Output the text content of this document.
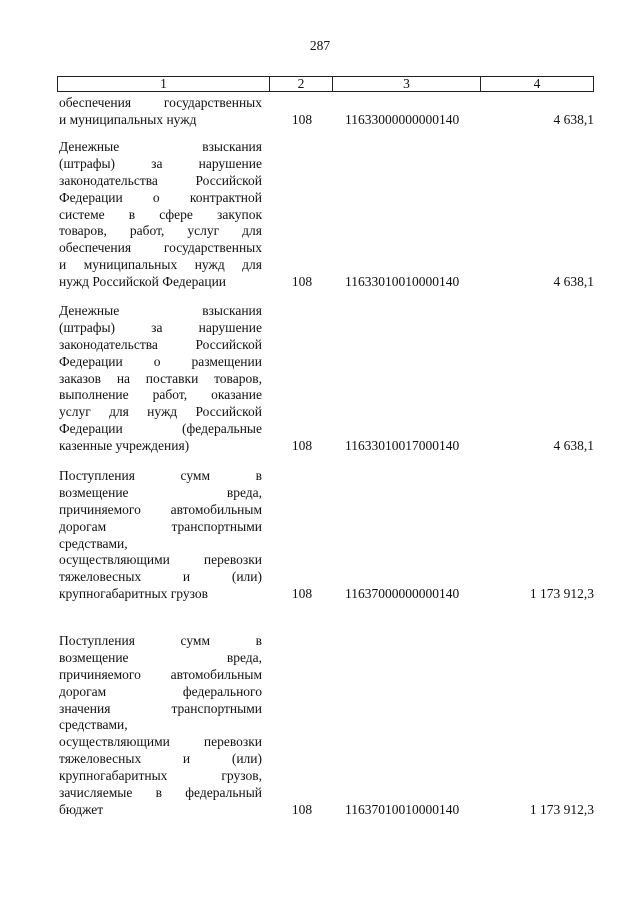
287
1	2	3	4
обеспечения государственных
и муниципальных нужд	108	11633000000000140	4 638,1
Денежные взыскания
(штрафы) за нарушение
законодательства Российской
Федерации о контрактной
системе в сфере закупок
товаров, работ, услуг для
обеспечения государственных
и муниципальных нужд для
нужд Российской Федерации	108	11633010010000140	4 638,1
Денежные взыскания
(штрафы) за нарушение
законодательства Российской
Федерации о размещении
заказов на поставки товаров,
выполнение работ, оказание
услуг для нужд Российской
Федерации (федеральные
казенные учреждения)	108	11633010017000140	4 638,1
Поступления сумм в
возмещение вреда,
причиняемого автомобильным
дорогам транспортными
средствами,
осуществляющими перевозки
тяжеловесных и (или)
крупногабаритных грузов	108	11637000000000140	1 173 912,3
Поступления сумм в
возмещение вреда,
причиняемого автомобильным
дорогам федерального
значения транспортными
средствами,
осуществляющими перевозки
тяжеловесных и (или)
крупногабаритных грузов,
зачисляемые в федеральный
бюджет	108	11637010010000140	1 173 912,3
